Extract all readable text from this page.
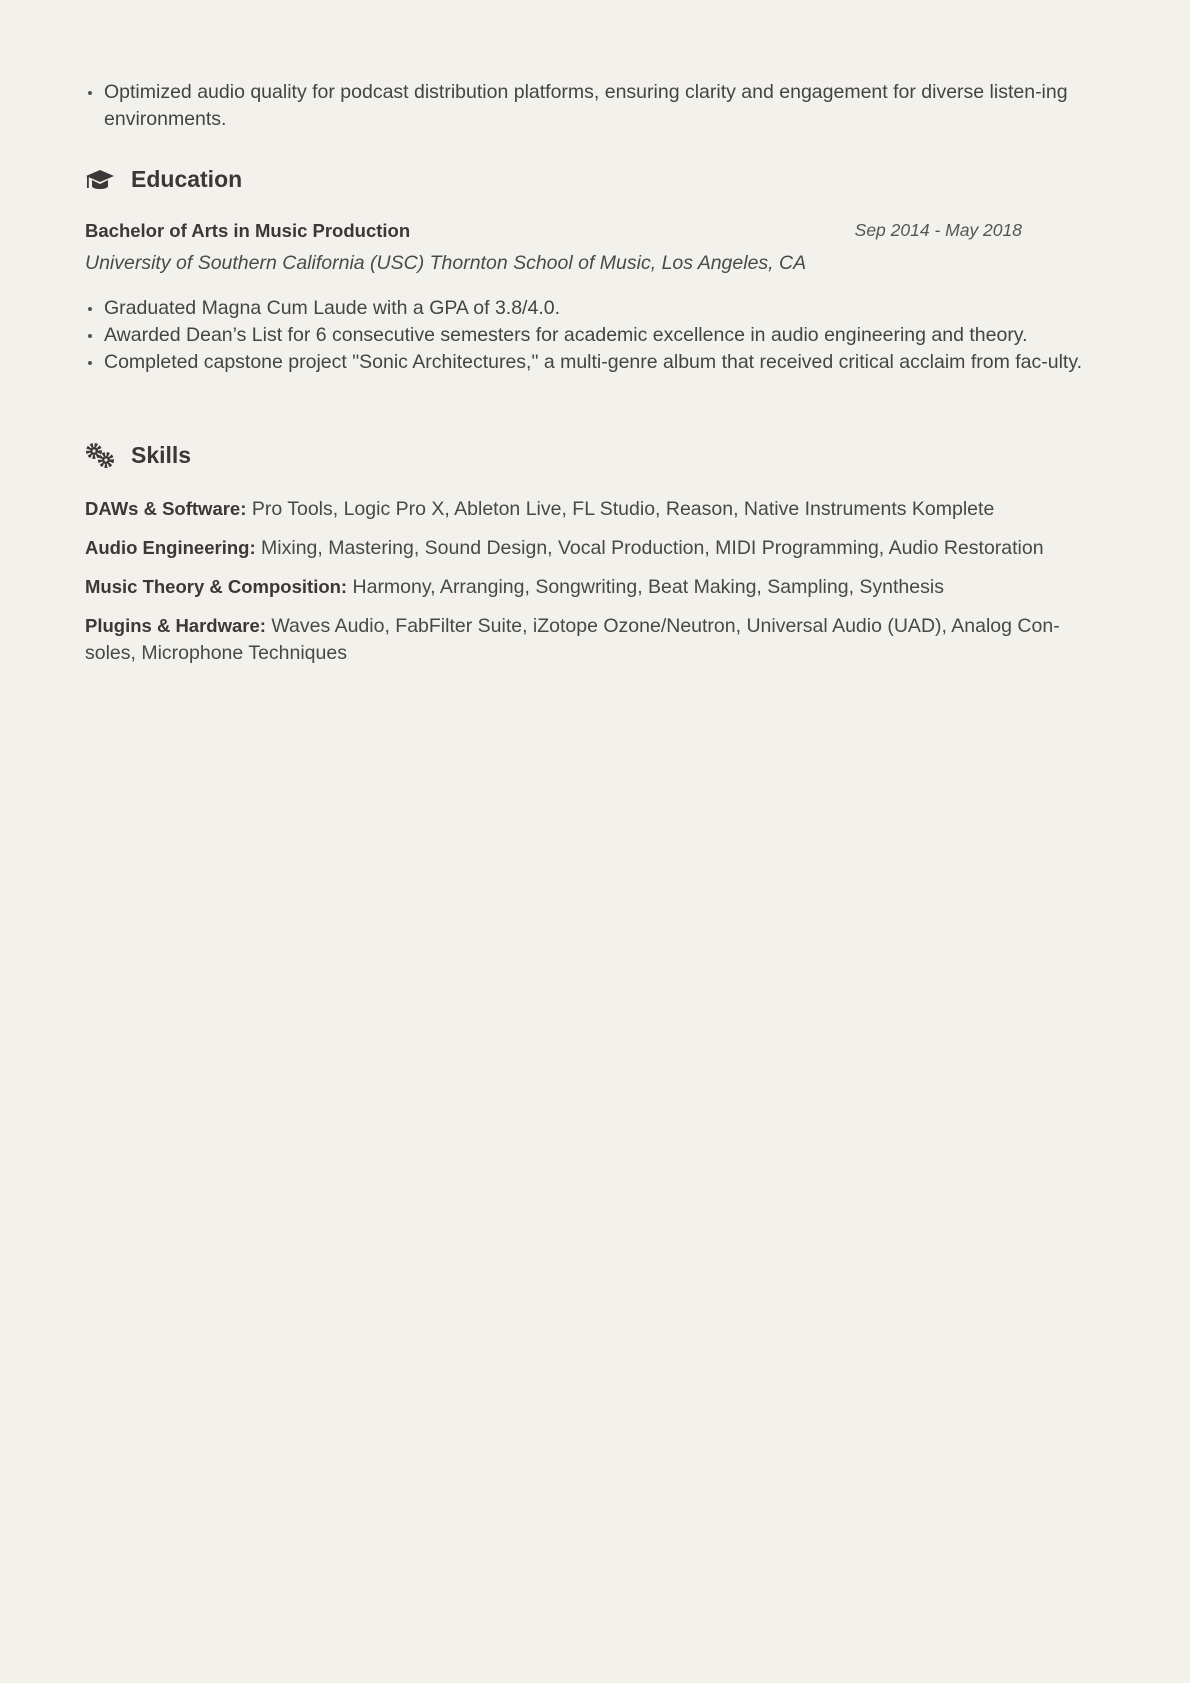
Optimized audio quality for podcast distribution platforms, ensuring clarity and engagement for diverse listen-ing environments.
Education
Bachelor of Arts in Music Production	Sep 2014 - May 2018
University of Southern California (USC) Thornton School of Music, Los Angeles, CA
Graduated Magna Cum Laude with a GPA of 3.8/4.0.
Awarded Dean’s List for 6 consecutive semesters for academic excellence in audio engineering and theory.
Completed capstone project "Sonic Architectures," a multi-genre album that received critical acclaim from fac-ulty.
Skills
DAWs & Software: Pro Tools, Logic Pro X, Ableton Live, FL Studio, Reason, Native Instruments Komplete
Audio Engineering: Mixing, Mastering, Sound Design, Vocal Production, MIDI Programming, Audio Restoration
Music Theory & Composition: Harmony, Arranging, Songwriting, Beat Making, Sampling, Synthesis
Plugins & Hardware: Waves Audio, FabFilter Suite, iZotope Ozone/Neutron, Universal Audio (UAD), Analog Con-soles, Microphone Techniques
